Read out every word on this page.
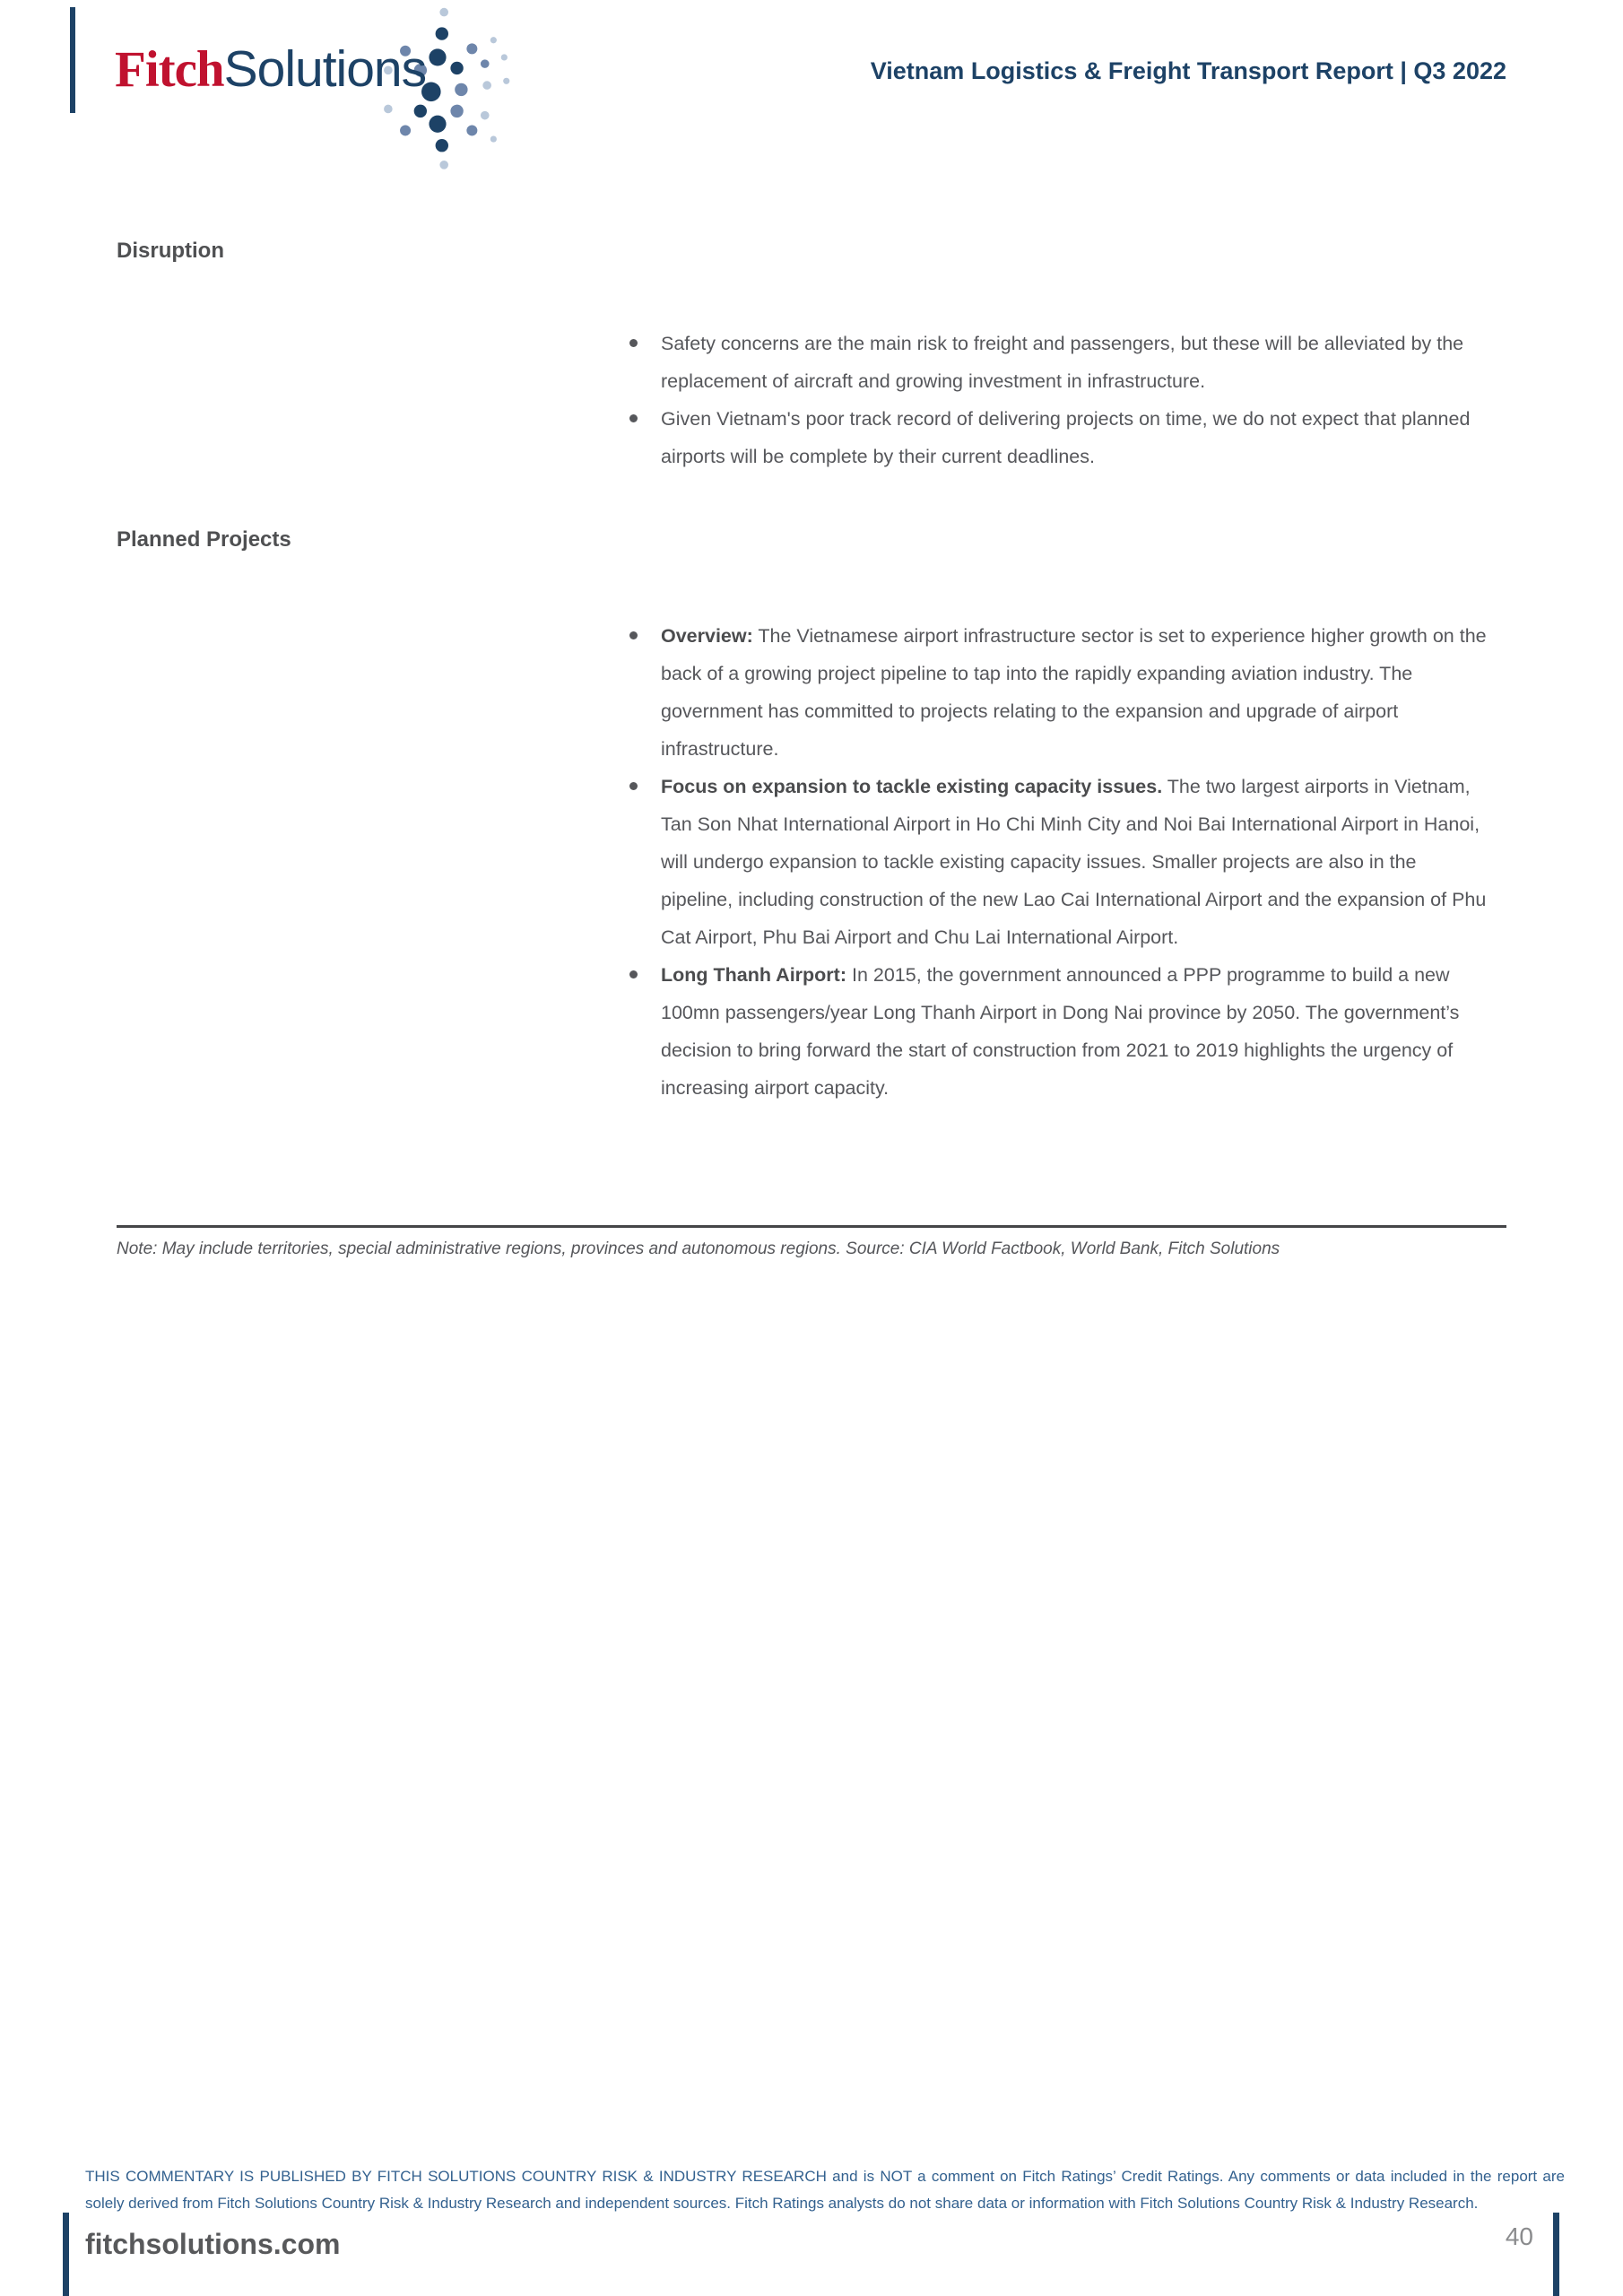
FitchSolutions	Vietnam Logistics & Freight Transport Report | Q3 2022
Disruption
Safety concerns are the main risk to freight and passengers, but these will be alleviated by the replacement of aircraft and growing investment in infrastructure.
Given Vietnam's poor track record of delivering projects on time, we do not expect that planned airports will be complete by their current deadlines.
Planned Projects
Overview: The Vietnamese airport infrastructure sector is set to experience higher growth on the back of a growing project pipeline to tap into the rapidly expanding aviation industry. The government has committed to projects relating to the expansion and upgrade of airport infrastructure.
Focus on expansion to tackle existing capacity issues. The two largest airports in Vietnam, Tan Son Nhat International Airport in Ho Chi Minh City and Noi Bai International Airport in Hanoi, will undergo expansion to tackle existing capacity issues. Smaller projects are also in the pipeline, including construction of the new Lao Cai International Airport and the expansion of Phu Cat Airport, Phu Bai Airport and Chu Lai International Airport.
Long Thanh Airport: In 2015, the government announced a PPP programme to build a new 100mn passengers/year Long Thanh Airport in Dong Nai province by 2050. The government’s decision to bring forward the start of construction from 2021 to 2019 highlights the urgency of increasing airport capacity.
Note: May include territories, special administrative regions, provinces and autonomous regions. Source: CIA World Factbook, World Bank, Fitch Solutions
THIS COMMENTARY IS PUBLISHED BY FITCH SOLUTIONS COUNTRY RISK & INDUSTRY RESEARCH and is NOT a comment on Fitch Ratings’ Credit Ratings. Any comments or data included in the report are solely derived from Fitch Solutions Country Risk & Industry Research and independent sources. Fitch Ratings analysts do not share data or information with Fitch Solutions Country Risk & Industry Research.
fitchsolutions.com	40
